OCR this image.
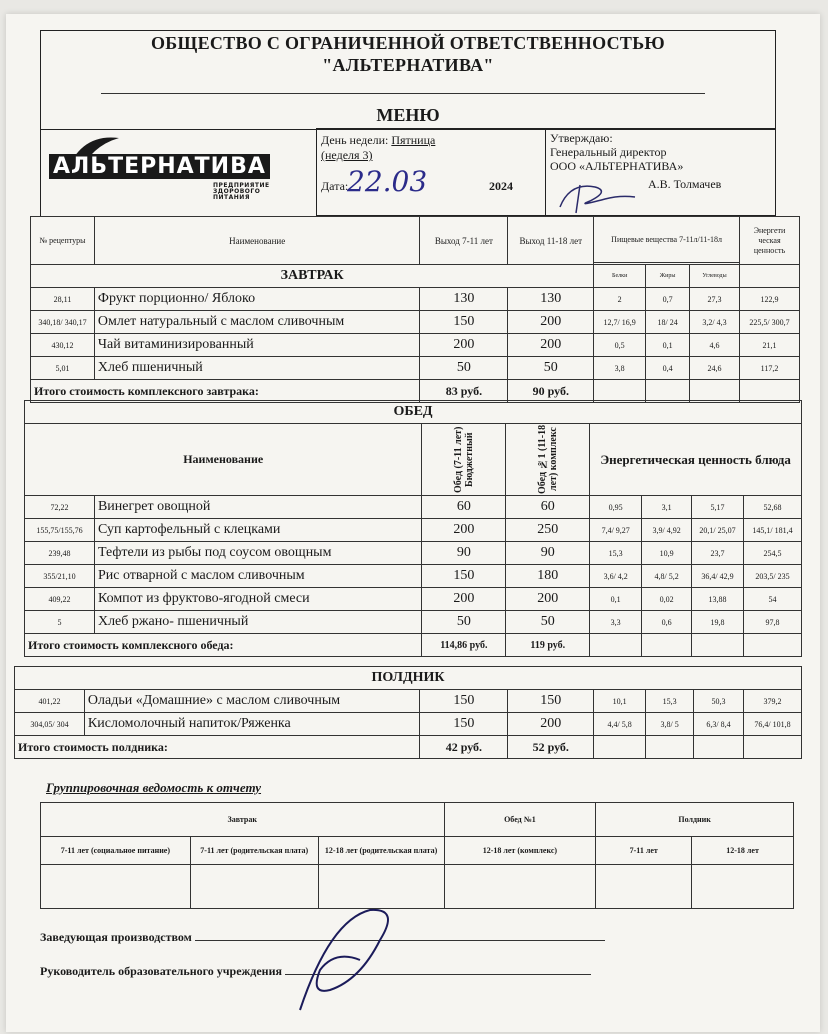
ОБЩЕСТВО С ОГРАНИЧЕННОЙ ОТВЕТСТВЕННОСТЬЮ
"АЛЬТЕРНАТИВА"
МЕНЮ
АЛЬТЕРНАТИВА
ПРЕДПРИЯТИЕ ЗДОРОВОГО ПИТАНИЯ
День недели: Пятница
(неделя 3)
Дата:
22.03	2024
Утверждаю:
Генеральный директор
ООО «АЛЬТЕРНАТИВА»
А.В. Толмачев
№ рецептуры	Наименование	Выход 7-11 лет	Выход 11-18 лет	Пищевые вещества 7-11л/11-18л	Энергети ческая ценность

ЗАВТРАК				Белки	Жиры	Углеводы	
28,11	Фрукт порционно/ Яблоко	130	130	2	0,7	27,3	122,9
340,18/ 340,17	Омлет натуральный с маслом сливочным	150	200	12,7/ 16,9	18/ 24	3,2/ 4,3	225,5/ 300,7
430,12	Чай витаминизированный	200	200	0,5	0,1	4,6	21,1
5,01	Хлеб пшеничный	50	50	3,8	0,4	24,6	117,2
Итого стоимость комплексного завтрака:		83 руб.	90 руб.				
ОБЕД							
Наименование		Обед (7-11 лет) Бюджетный	Обед №1 (11-18 лет) комплекс	Энергетическая ценность блюда			
72,22	Винегрет овощной	60	60	0,95	3,1	5,17	52,68
155,75/155,76	Суп картофельный с клецками	200	250	7,4/ 9,27	3,9/ 4,92	20,1/ 25,07	145,1/ 181,4
239,48	Тефтели из рыбы под соусом овощным	90	90	15,3	10,9	23,7	254,5
355/21,10	Рис отварной с маслом сливочным	150	180	3,6/ 4,2	4,8/ 5,2	36,4/ 42,9	203,5/ 235
409,22	Компот из фруктово-ягодной смеси	200	200	0,1	0,02	13,88	54
5	Хлеб ржано- пшеничный	50	50	3,3	0,6	19,8	97,8
Итого стоимость комплексного обеда:		114,86 руб.	119 руб.				
ПОЛДНИК							
401,22	Оладьи «Домашние» с маслом сливочным	150	150	10,1	15,3	50,3	379,2
304,05/ 304	Кисломолочный напиток/Ряженка	150	200	4,4/ 5,8	3,8/ 5	6,3/ 8,4	76,4/ 101,8
Итого стоимость полдника:		42 руб.	52 руб.				
Группировочная ведомость к отчету
Завтрак			Обед №1	Полдник	
7-11 лет (социальное питание)	7-11 лет (родительская плата)	12-18 лет (родительская плата)	12-18 лет (комплекс)	7-11 лет	12-18 лет

Заведующая производством
Руководитель образовательного учреждения
